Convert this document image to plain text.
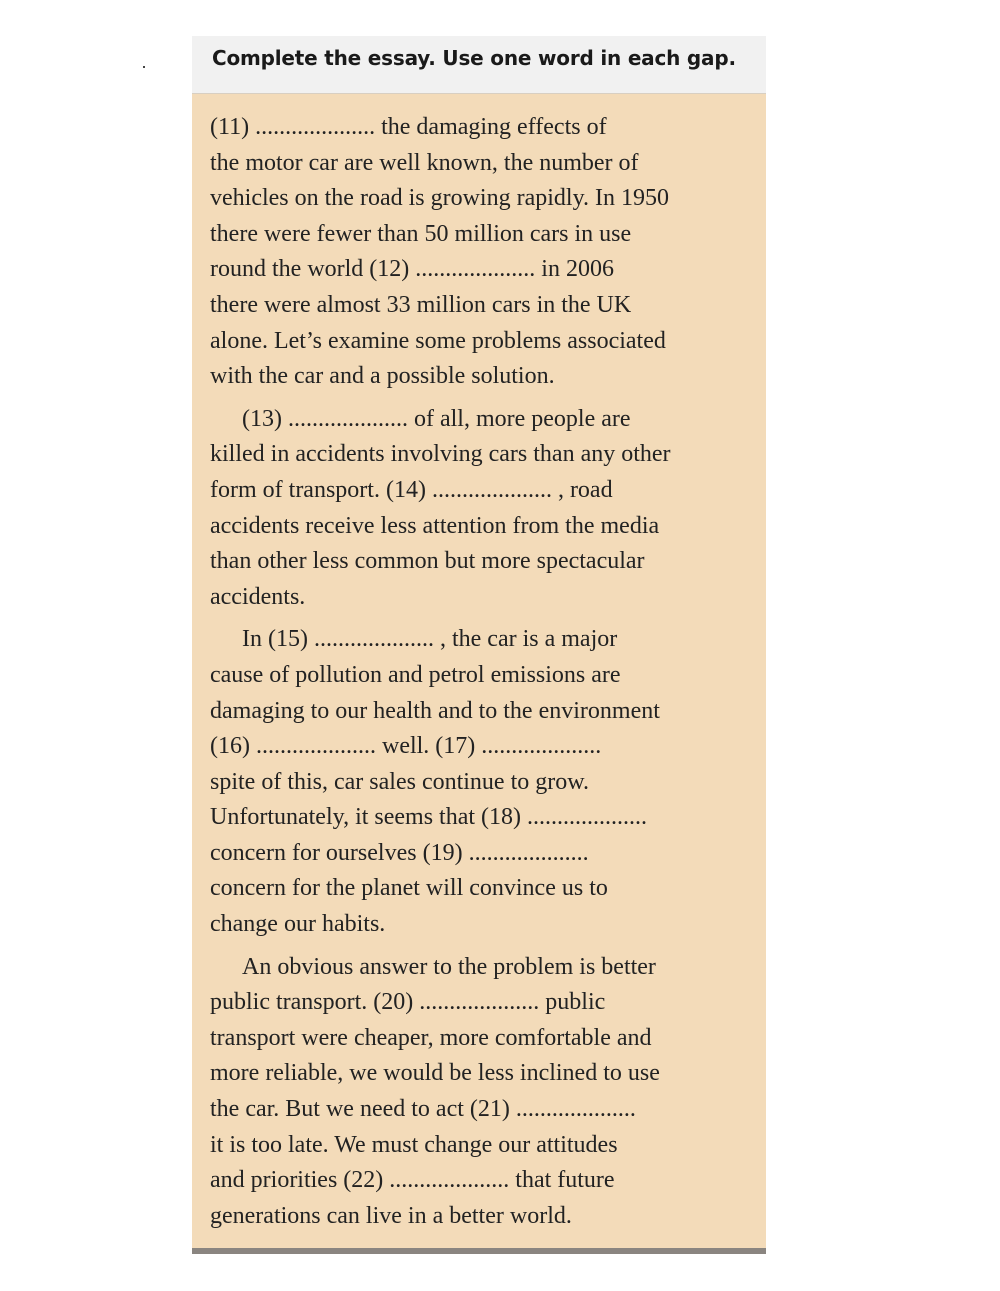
Complete the essay. Use one word in each gap.
(11) .................... the damaging effects of
the motor car are well known, the number of
vehicles on the road is growing rapidly. In 1950
there were fewer than 50 million cars in use
round the world (12) .................... in 2006
there were almost 33 million cars in the UK
alone. Let’s examine some problems associated
with the car and a possible solution.
(13) .................... of all, more people are
killed in accidents involving cars than any other
form of transport. (14) .................... , road
accidents receive less attention from the media
than other less common but more spectacular
accidents.
In (15) .................... , the car is a major
cause of pollution and petrol emissions are
damaging to our health and to the environment
(16) .................... well. (17) ....................
spite of this, car sales continue to grow.
Unfortunately, it seems that (18) ....................
concern for ourselves (19) ....................
concern for the planet will convince us to
change our habits.
An obvious answer to the problem is better
public transport. (20) .................... public
transport were cheaper, more comfortable and
more reliable, we would be less inclined to use
the car. But we need to act (21) ....................
it is too late. We must change our attitudes
and priorities (22) .................... that future
generations can live in a better world.
